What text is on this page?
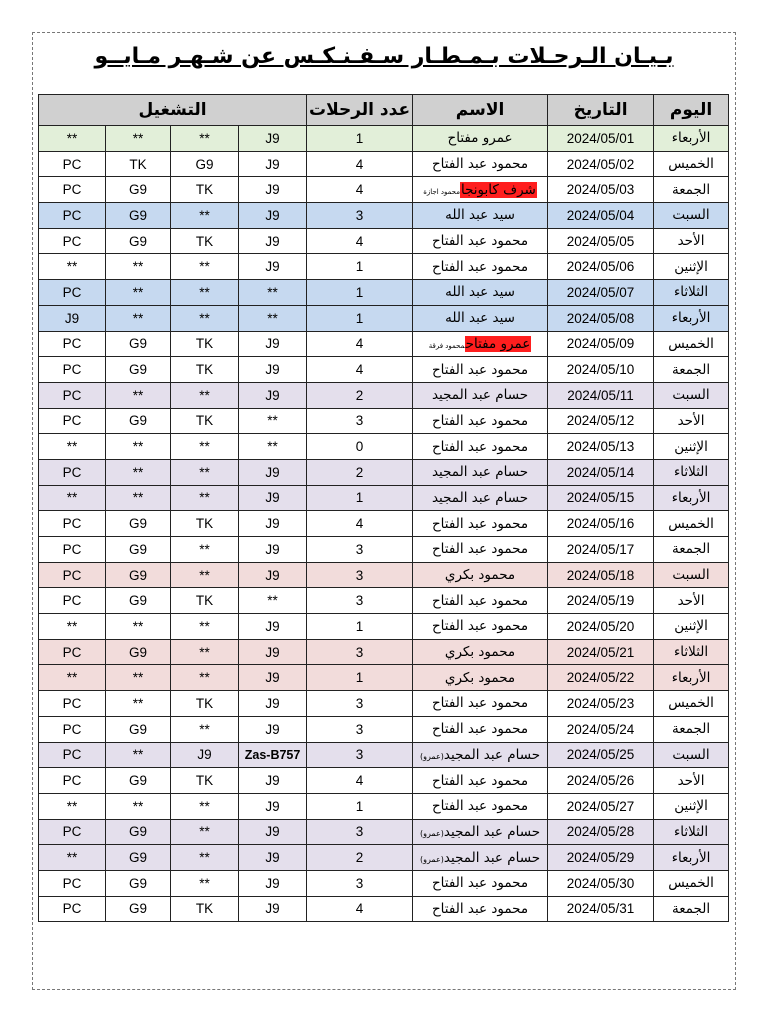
بـيـان الـرحـلات بـمـطـار سـفـنـكـس عن شـهـر مـايــو
اليوم	التاريخ	الاسم	عدد الرحلات	التشغيل			
الأربعاء	2024/05/01	عمرو مفتاح	1	J9	**	**	**
الخميس	2024/05/02	محمود عبد الفتاح	4	J9	G9	TK	PC
الجمعة	2024/05/03	شرف كابونجامحمود اجازة	4	J9	TK	G9	PC
السبت	2024/05/04	سيد عبد الله	3	J9	**	G9	PC
الأحد	2024/05/05	محمود عبد الفتاح	4	J9	TK	G9	PC
الإثنين	2024/05/06	محمود عبد الفتاح	1	J9	**	**	**
الثلاثاء	2024/05/07	سيد عبد الله	1	**	**	**	PC
الأربعاء	2024/05/08	سيد عبد الله	1	**	**	**	J9
الخميس	2024/05/09	عمرو مفتاحمحمود فرقة	4	J9	TK	G9	PC
الجمعة	2024/05/10	محمود عبد الفتاح	4	J9	TK	G9	PC
السبت	2024/05/11	حسام عبد المجيد	2	J9	**	**	PC
الأحد	2024/05/12	محمود عبد الفتاح	3	**	TK	G9	PC
الإثنين	2024/05/13	محمود عبد الفتاح	0	**	**	**	**
الثلاثاء	2024/05/14	حسام عبد المجيد	2	J9	**	**	PC
الأربعاء	2024/05/15	حسام عبد المجيد	1	J9	**	**	**
الخميس	2024/05/16	محمود عبد الفتاح	4	J9	TK	G9	PC
الجمعة	2024/05/17	محمود عبد الفتاح	3	J9	**	G9	PC
السبت	2024/05/18	محمود بكري	3	J9	**	G9	PC
الأحد	2024/05/19	محمود عبد الفتاح	3	**	TK	G9	PC
الإثنين	2024/05/20	محمود عبد الفتاح	1	J9	**	**	**
الثلاثاء	2024/05/21	محمود بكري	3	J9	**	G9	PC
الأربعاء	2024/05/22	محمود بكري	1	J9	**	**	**
الخميس	2024/05/23	محمود عبد الفتاح	3	J9	TK	**	PC
الجمعة	2024/05/24	محمود عبد الفتاح	3	J9	**	G9	PC
السبت	2024/05/25	حسام عبد المجيد(عمرو)	3	Zas-B757	J9	**	PC
الأحد	2024/05/26	محمود عبد الفتاح	4	J9	TK	G9	PC
الإثنين	2024/05/27	محمود عبد الفتاح	1	J9	**	**	**
الثلاثاء	2024/05/28	حسام عبد المجيد(عمرو)	3	J9	**	G9	PC
الأربعاء	2024/05/29	حسام عبد المجيد(عمرو)	2	J9	**	G9	**
الخميس	2024/05/30	محمود عبد الفتاح	3	J9	**	G9	PC
الجمعة	2024/05/31	محمود عبد الفتاح	4	J9	TK	G9	PC
